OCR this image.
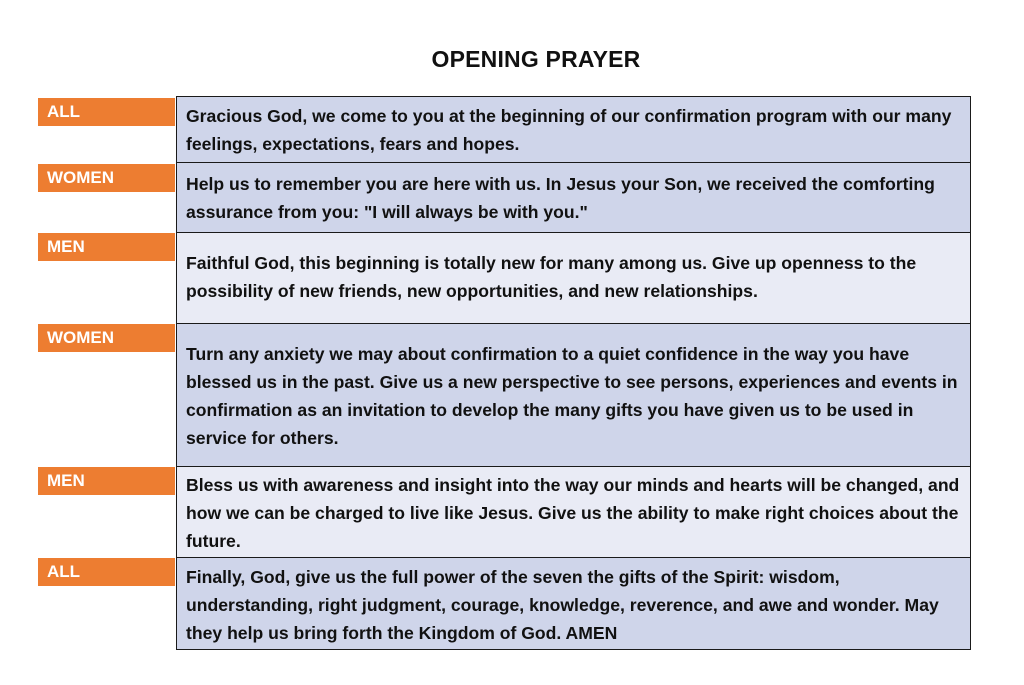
OPENING PRAYER
ALL
WOMEN
MEN
WOMEN
MEN
ALL
Gracious God, we come to you at the beginning of our confirmation program with our many feelings, expectations, fears and hopes.
Help us to remember you are here with us. In Jesus your Son, we received the comforting assurance from you: "I will always be with you."
Faithful God, this beginning is totally new for many among us. Give up openness to the possibility of new friends, new opportunities, and new relationships.
Turn any anxiety we may about confirmation to a quiet confidence in the way you have blessed us in the past. Give us a new perspective to see persons, experiences and events in confirmation as an invitation to develop the many gifts you have given us to be used in service for others.
Bless us with awareness and insight into the way our minds and hearts will be changed, and how we can be charged to live like Jesus. Give us the ability to make right choices about the future.
Finally, God, give us the full power of the seven the gifts of the Spirit: wisdom, understanding, right judgment, courage, knowledge, reverence, and awe and wonder. May they help us bring forth the Kingdom of God. AMEN
